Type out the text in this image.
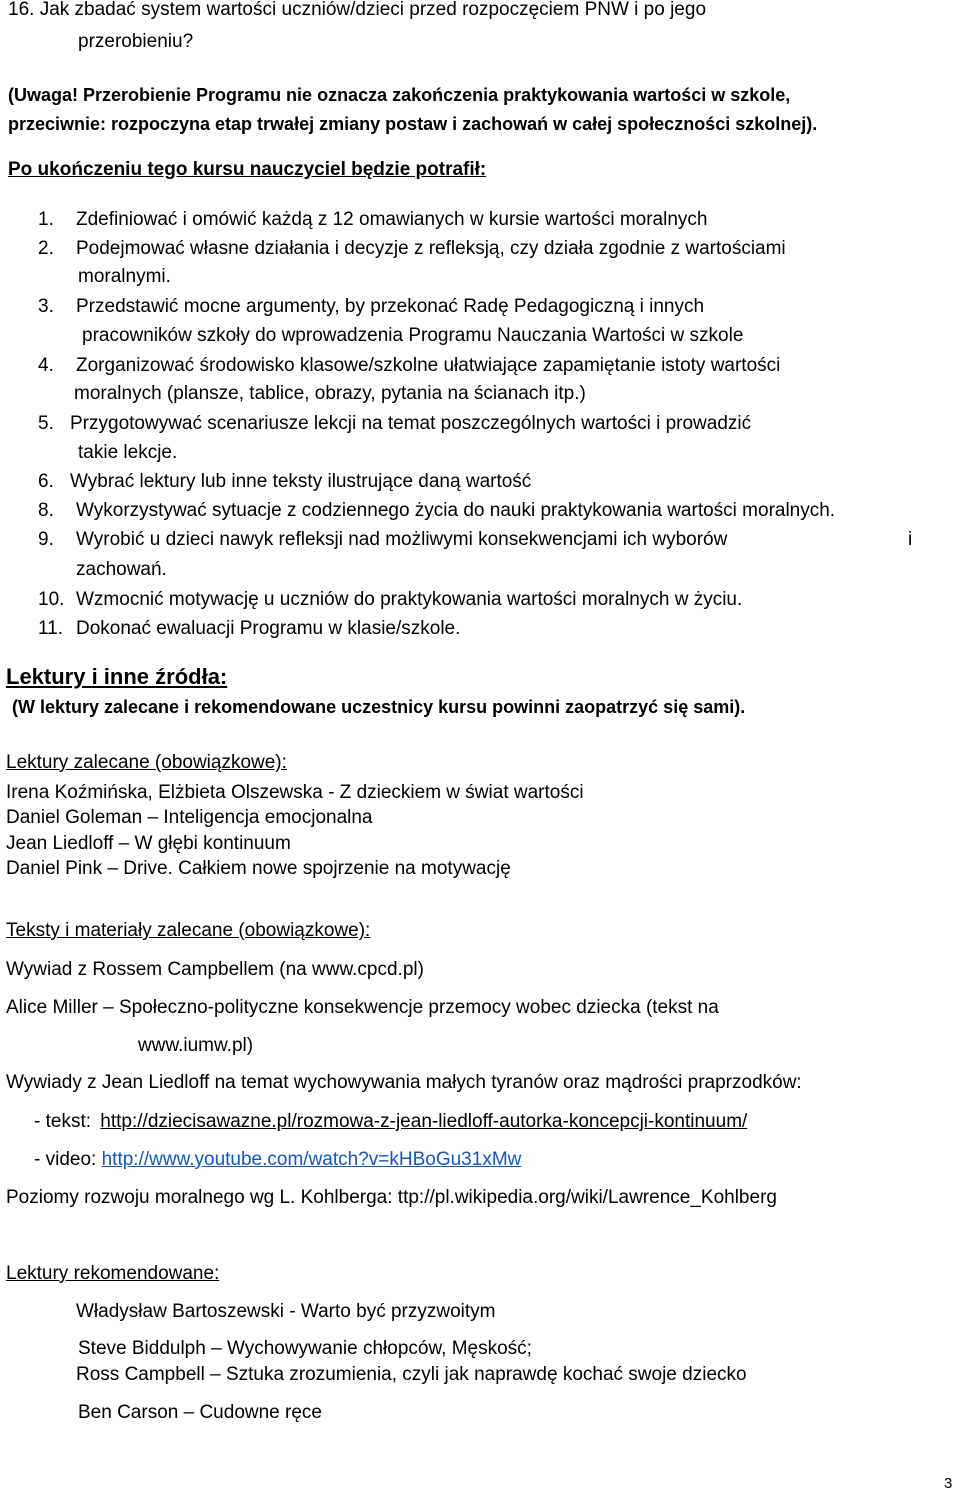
16. Jak zbadać system wartości uczniów/dzieci przed rozpoczęciem PNW i po jego
przerobieniu?
(Uwaga! Przerobienie Programu nie oznacza zakończenia praktykowania wartości w szkole,
przeciwnie: rozpoczyna etap trwałej zmiany postaw i zachowań w całej społeczności szkolnej).
Po ukończeniu tego kursu nauczyciel będzie potrafił:
1. Zdefiniować i omówić każdą z 12 omawianych w kursie wartości moralnych
2. Podejmować własne działania i decyzje z refleksją, czy działa zgodnie z wartościami
moralnymi.
3. Przedstawić mocne argumenty, by przekonać Radę Pedagogiczną i innych
pracowników szkoły do wprowadzenia Programu Nauczania Wartości w szkole
4. Zorganizować środowisko klasowe/szkolne ułatwiające zapamiętanie istoty wartości
moralnych (plansze, tablice, obrazy, pytania na ścianach itp.)
5. Przygotowywać scenariusze lekcji na temat poszczególnych wartości i prowadzić
takie lekcje.
6. Wybrać lektury lub inne teksty ilustrujące daną wartość
8. Wykorzystywać sytuacje z codziennego życia do nauki praktykowania wartości moralnych.
9. Wyrobić u dzieci nawyk refleksji nad możliwymi konsekwencjami ich wyborów	i
zachowań.
10. Wzmocnić motywację u uczniów do praktykowania wartości moralnych w życiu.
11. Dokonać ewaluacji Programu w klasie/szkole.
Lektury i inne źródła:
(W lektury zalecane i rekomendowane uczestnicy kursu powinni zaopatrzyć się sami).
Lektury zalecane (obowiązkowe):
Irena Koźmińska, Elżbieta Olszewska - Z dzieckiem w świat wartości
Daniel Goleman – Inteligencja emocjonalna
Jean Liedloff – W głębi kontinuum
Daniel Pink – Drive. Całkiem nowe spojrzenie na motywację
Teksty i materiały zalecane (obowiązkowe):
Wywiad z Rossem Campbellem (na www.cpcd.pl)
Alice Miller – Społeczno-polityczne konsekwencje przemocy wobec dziecka (tekst na
www.iumw.pl)
Wywiady z Jean Liedloff na temat wychowywania małych tyranów oraz mądrości praprzodków:
- tekst: http://dziecisawazne.pl/rozmowa-z-jean-liedloff-autorka-koncepcji-kontinuum/
- video: http://www.youtube.com/watch?v=kHBoGu31xMw
Poziomy rozwoju moralnego wg L. Kohlberga: ttp://pl.wikipedia.org/wiki/Lawrence_Kohlberg
Lektury rekomendowane:
Władysław Bartoszewski - Warto być przyzwoitym
Steve Biddulph – Wychowywanie chłopców, Męskość;
Ross Campbell – Sztuka zrozumienia, czyli jak naprawdę kochać swoje dziecko
Ben Carson – Cudowne ręce
3
